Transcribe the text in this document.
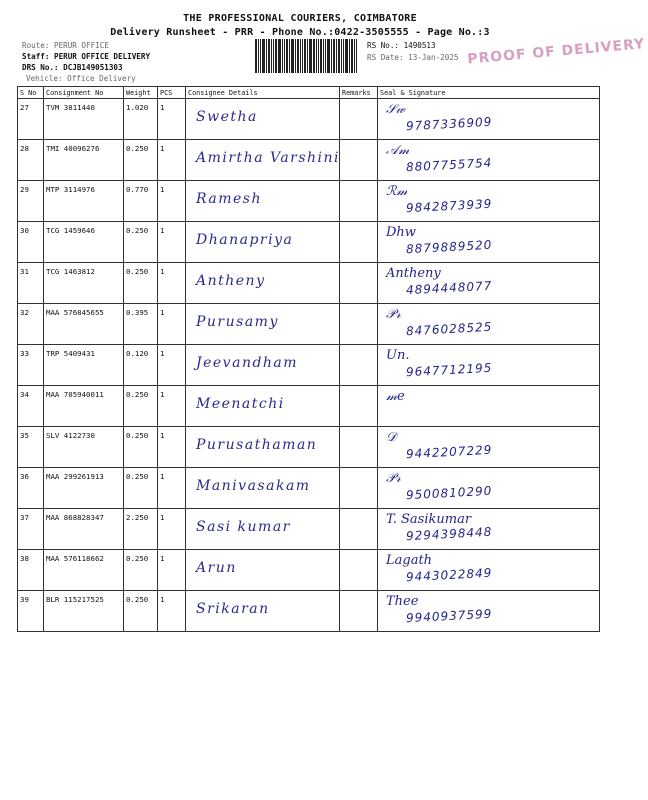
THE PROFESSIONAL COURIERS, COIMBATORE
Delivery Runsheet - PRR - Phone No.:0422-3505555 - Page No.:3
Route: PERUR OFFICE
Staff: PERUR OFFICE DELIVERY
DRS No.: DCJB149051303
Vehicle: Office Delivery
RS No.: 1490513
RS Date: 13-Jan-2025 PROOF OF DELIVERY
S No	Consignment No	Weight	PCS	Consignee Details	Remarks	Seal & Signature
27	TVM 3811440	1.020	1	Swetha		𝒮𝓌
9787336909

28	TMI 40096276	0.250	1	Amirtha Varshini		𝒜𝓂
8807755754

29	MTP 3114976	0.770	1	Ramesh		ℛ𝓂
9842873939

30	TCG 1459646	0.250	1	Dhanapriya		Dhw
8879889520

31	TCG 1463812	0.250	1	Antheny		Antheny
4894448077

32	MAA 576845655	0.395	1	Purusamy		𝒫𝓇
8476028525

33	TRP 5409431	0.120	1	Jeevandham		Un.
9647712195

34	MAA 705940011	0.250	1	Meenatchi		𝓂𝑒

35	SLV 4122730	0.250	1	Purusathaman		𝒟
9442207229

36	MAA 299261913	0.250	1	Manivasakam		𝒫𝓇
9500810290

37	MAA 868828347	2.250	1	Sasi kumar		T. Sasikumar
9294398448

38	MAA 576118662	0.250	1	Arun		Lagath
9443022849

39	BLR 115217525	0.250	1	Srikaran		Thee
9940937599
